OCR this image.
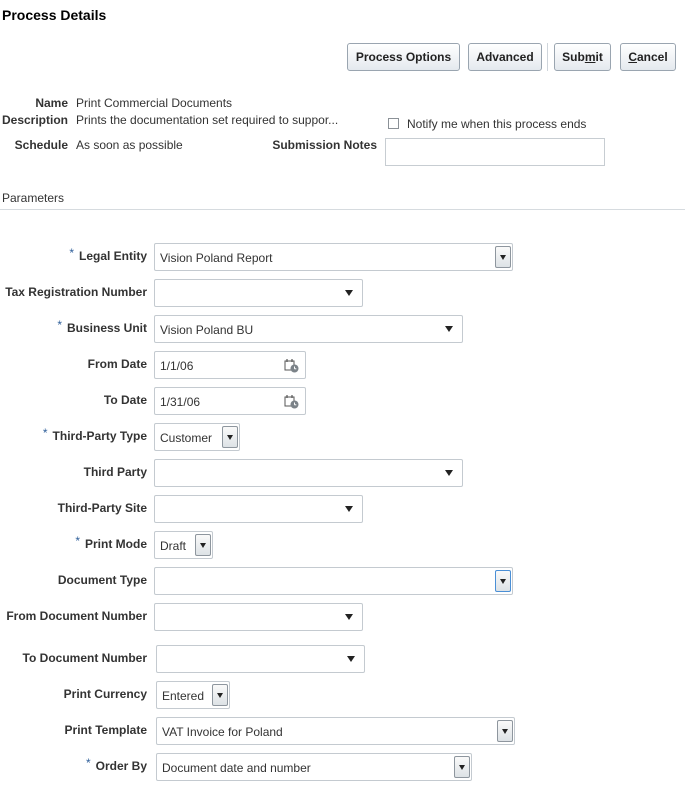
Process Details
Process Options	Advanced	Sub m it C ancel
Name Print Commercial Documents
Description Prints the documentation set required to suppor...
Schedule As soon as possible
Notify me when this process ends
Submission Notes
Parameters
* Legal Entity Vision Poland Report
Tax Registration Number
* Business Unit Vision Poland BU
From Date 1/1/06
To Date 1/31/06
* Third-Party Type Customer
Third Party
Third-Party Site
* Print Mode Draft
Document Type
From Document Number
To Document Number
Print Currency Entered
Print Template VAT Invoice for Poland
* Order By Document date and number
